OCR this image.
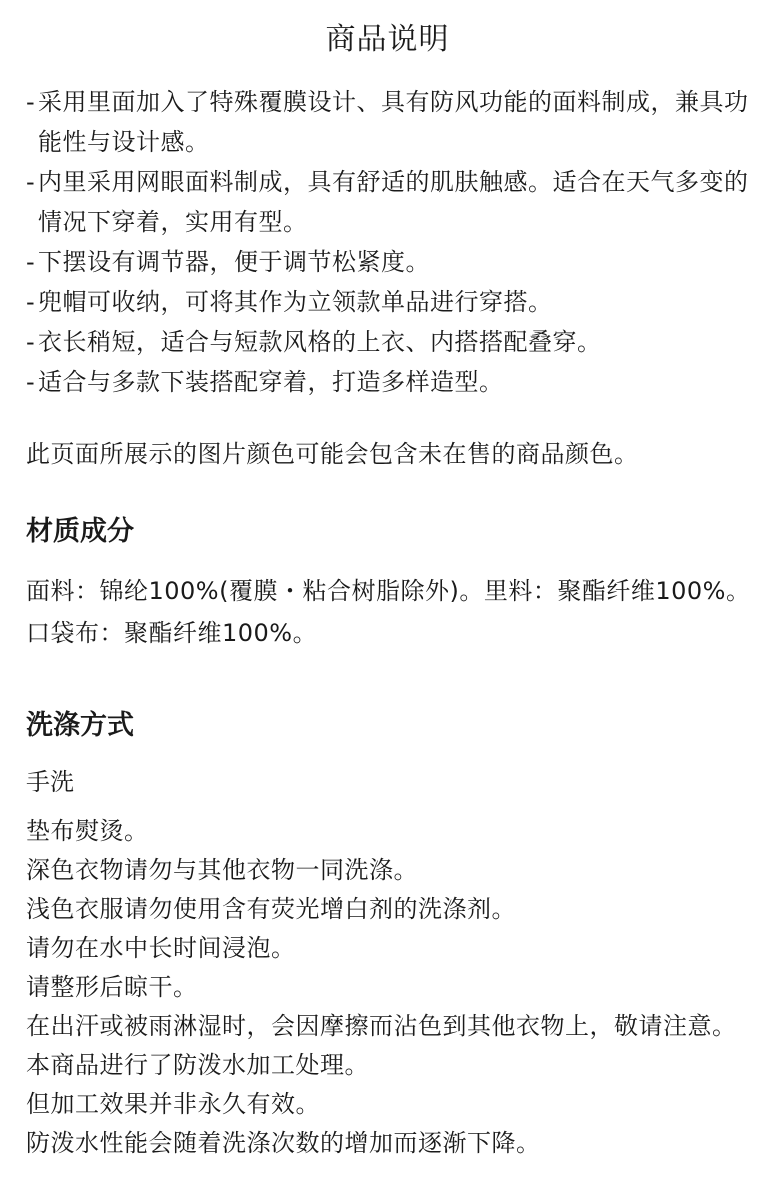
商品说明

- 采用里面加入了特殊覆膜设计、具有防风功能的面料制成，兼具功能性与设计感。

- 内里采用网眼面料制成，具有舒适的肌肤触感。适合在天气多变的情况下穿着，实用有型。

- 下摆设有调节器，便于调节松紧度。

- 兜帽可收纳，可将其作为立领款单品进行穿搭。

- 衣长稍短，适合与短款风格的上衣、内搭搭配叠穿。

- 适合与多款下装搭配穿着，打造多样造型。

此页面所展示的图片颜色可能会包含未在售的商品颜色。
材质成分
面料：锦纶100%(覆膜・粘合树脂除外)。里料：聚酯纤维100%。口袋布：聚酯纤维100%。
洗涤方式
手洗

垫布熨烫。

深色衣物请勿与其他衣物一同洗涤。

浅色衣服请勿使用含有荧光增白剂的洗涤剂。

请勿在水中长时间浸泡。

请整形后晾干。

在出汗或被雨淋湿时，会因摩擦而沾色到其他衣物上，敬请注意。

本商品进行了防泼水加工处理。

但加工效果并非永久有效。

防泼水性能会随着洗涤次数的增加而逐渐下降。
